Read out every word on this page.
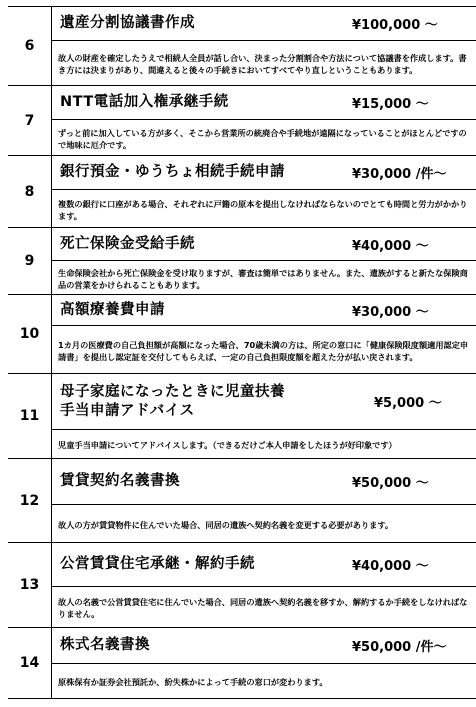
6
遺産分割協議書作成	¥100,000 ～
故人の財産を確定したうえで相続人全員が話し合い、決まった分割割合や方法について協議書を作成します。書き方には決まりがあり、間違えると後々の手続きにおいてすべてやり直しということもあります。
7
NTT電話加入権承継手続	¥15,000 ～
ずっと前に加入している方が多く、そこから営業所の統廃合や手続地が遠隔になっていることがほとんどですので地味に厄介です。
8
銀行預金・ゆうちょ相続手続申請	¥30,000 /件～
複数の銀行に口座がある場合、それぞれに戸籍の原本を提出しなければならないのでとても時間と労力がかかります。
9
死亡保険金受給手続	¥40,000 ～
生命保険会社から死亡保険金を受け取りますが、審査は簡単ではありません。また、遺族がすると新たな保険商品の営業をかけられることもあります。
10
高額療養費申請	¥30,000 ～
1カ月の医療費の自己負担額が高額になった場合、70歳未満の方は、所定の窓口に「健康保険限度額適用認定申請書」を提出し認定証を交付してもらえば、一定の自己負担限度額を超えた分が払い戻されます。
11
母子家庭になったときに児童扶養
手当申請アドバイス	¥5,000 ～
児童手当申請についてアドバイスします。（できるだけご本人申請をしたほうが好印象です）
12
賃貸契約名義書換	¥50,000 ～
故人の方が賃貸物件に住んでいた場合、同居の遺族へ契約名義を変更する必要があります。
13
公営賃貸住宅承継・解約手続	¥40,000 ～
故人の名義で公営賃貸住宅に住んでいた場合、同居の遺族へ契約名義を移すか、解約するか手続をしなければなりません。
14
株式名義書換	¥50,000 /件～
原株保有か証券会社預託か、紛失株かによって手続の窓口が変わります。
